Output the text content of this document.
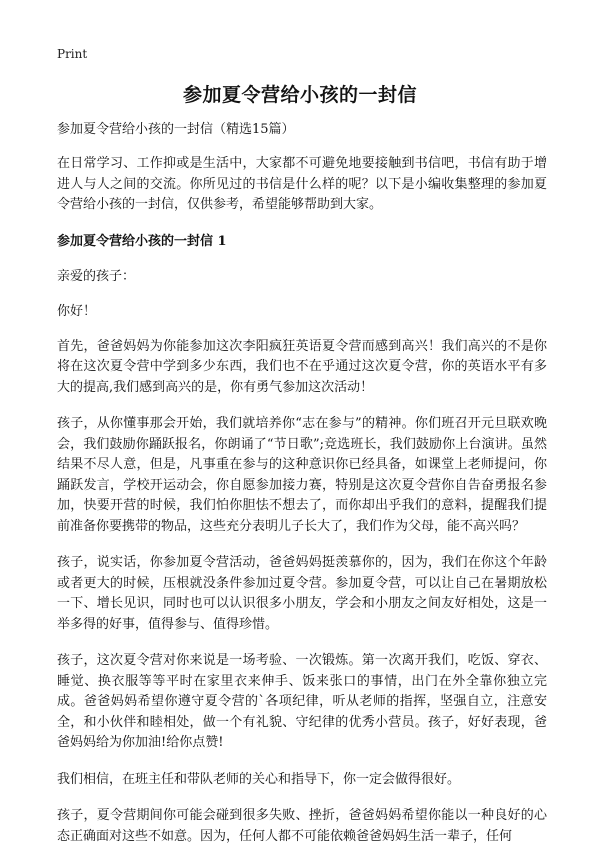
Print
参加夏令营给小孩的一封信

参加夏令营给小孩的一封信（精选15篇）

在日常学习、工作抑或是生活中，大家都不可避免地要接触到书信吧，书信有助于增进人与人之间的交流。你所见过的书信是什么样的呢？以下是小编收集整理的参加夏令营给小孩的一封信，仅供参考，希望能够帮助到大家。

参加夏令营给小孩的一封信 1

亲爱的孩子：

你好！

首先，爸爸妈妈为你能参加这次李阳疯狂英语夏令营而感到高兴！我们高兴的不是你将在这次夏令营中学到多少东西，我们也不在乎通过这次夏令营，你的英语水平有多大的提高,我们感到高兴的是，你有勇气参加这次活动！

孩子，从你懂事那会开始，我们就培养你“志在参与”的精神。你们班召开元旦联欢晚会，我们鼓励你踊跃报名，你朗诵了“节日歌”;竞选班长，我们鼓励你上台演讲。虽然结果不尽人意，但是，凡事重在参与的这种意识你已经具备，如课堂上老师提问，你踊跃发言，学校开运动会，你自愿参加接力赛，特别是这次夏令营你自告奋勇报名参加，快要开营的时候，我们怕你胆怯不想去了，而你却出乎我们的意料，提醒我们提前准备你要携带的物品，这些充分表明儿子长大了，我们作为父母，能不高兴吗？

孩子，说实话，你参加夏令营活动，爸爸妈妈挺羡慕你的，因为，我们在你这个年龄或者更大的时候，压根就没条件参加过夏令营。参加夏令营，可以让自己在暑期放松一下、增长见识，同时也可以认识很多小朋友，学会和小朋友之间友好相处，这是一举多得的好事，值得参与、值得珍惜。

孩子，这次夏令营对你来说是一场考验、一次锻炼。第一次离开我们，吃饭、穿衣、睡觉、换衣服等等平时在家里衣来伸手、饭来张口的事情，出门在外全靠你独立完成。爸爸妈妈希望你遵守夏令营的`各项纪律，听从老师的指挥，坚强自立，注意安全，和小伙伴和睦相处，做一个有礼貌、守纪律的优秀小营员。孩子，好好表现，爸爸妈妈给为你加油!给你点赞!

我们相信，在班主任和带队老师的关心和指导下，你一定会做得很好。

孩子，夏令营期间你可能会碰到很多失败、挫折，爸爸妈妈希望你能以一种良好的心态正确面对这些不如意。因为，任何人都不可能依赖爸爸妈妈生活一辈子，任何
